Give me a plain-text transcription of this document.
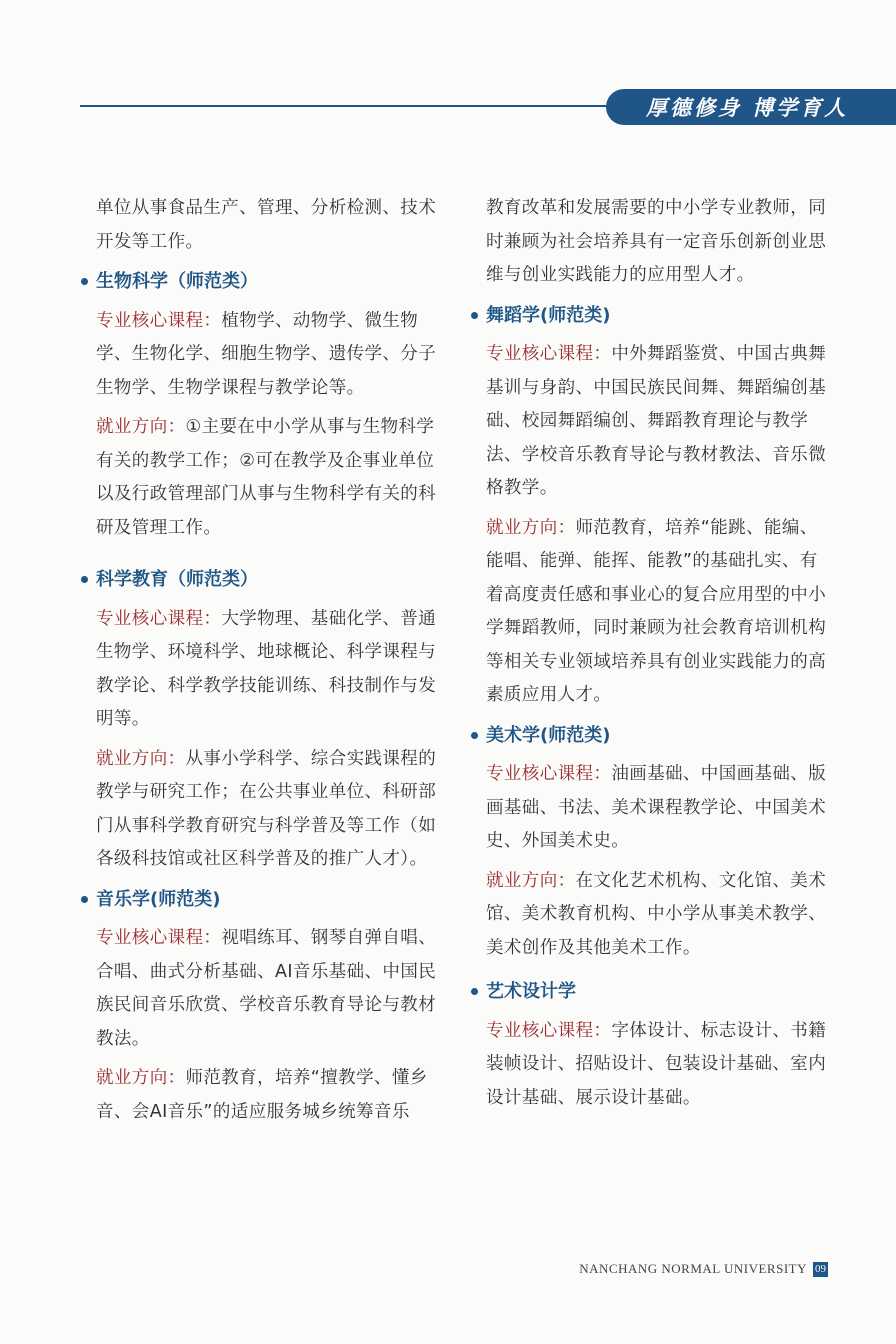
厚德修身 博学育人

单位从事食品生产、管理、分析检测、技术开发等工作。

生物科学（师范类）

专业核心课程：植物学、动物学、微生物学、生物化学、细胞生物学、遗传学、分子生物学、生物学课程与教学论等。

就业方向：①主要在中小学从事与生物科学有关的教学工作；②可在教学及企事业单位以及行政管理部门从事与生物科学有关的科研及管理工作。

科学教育（师范类）

专业核心课程：大学物理、基础化学、普通生物学、环境科学、地球概论、科学课程与教学论、科学教学技能训练、科技制作与发明等。

就业方向：从事小学科学、综合实践课程的教学与研究工作；在公共事业单位、科研部门从事科学教育研究与科学普及等工作（如各级科技馆或社区科学普及的推广人才）。

音乐学(师范类)

专业核心课程：视唱练耳、钢琴自弹自唱、合唱、曲式分析基础、AI音乐基础、中国民族民间音乐欣赏、学校音乐教育导论与教材教法。

就业方向：师范教育，培养“擅教学、懂乡音、会AI音乐”的适应服务城乡统筹音乐

教育改革和发展需要的中小学专业教师，同时兼顾为社会培养具有一定音乐创新创业思维与创业实践能力的应用型人才。

舞蹈学(师范类)

专业核心课程：中外舞蹈鉴赏、中国古典舞基训与身韵、中国民族民间舞、舞蹈编创基础、校园舞蹈编创、舞蹈教育理论与教学法、学校音乐教育导论与教材教法、音乐微格教学。

就业方向：师范教育，培养“能跳、能编、能唱、能弹、能挥、能教”的基础扎实、有着高度责任感和事业心的复合应用型的中小学舞蹈教师，同时兼顾为社会教育培训机构等相关专业领域培养具有创业实践能力的高素质应用人才。

美术学(师范类)

专业核心课程：油画基础、中国画基础、版画基础、书法、美术课程教学论、中国美术史、外国美术史。

就业方向：在文化艺术机构、文化馆、美术馆、美术教育机构、中小学从事美术教学、美术创作及其他美术工作。

艺术设计学

专业核心课程：字体设计、标志设计、书籍装帧设计、招贴设计、包装设计基础、室内设计基础、展示设计基础。

NANCHANG NORMAL UNIVERSITY 09
